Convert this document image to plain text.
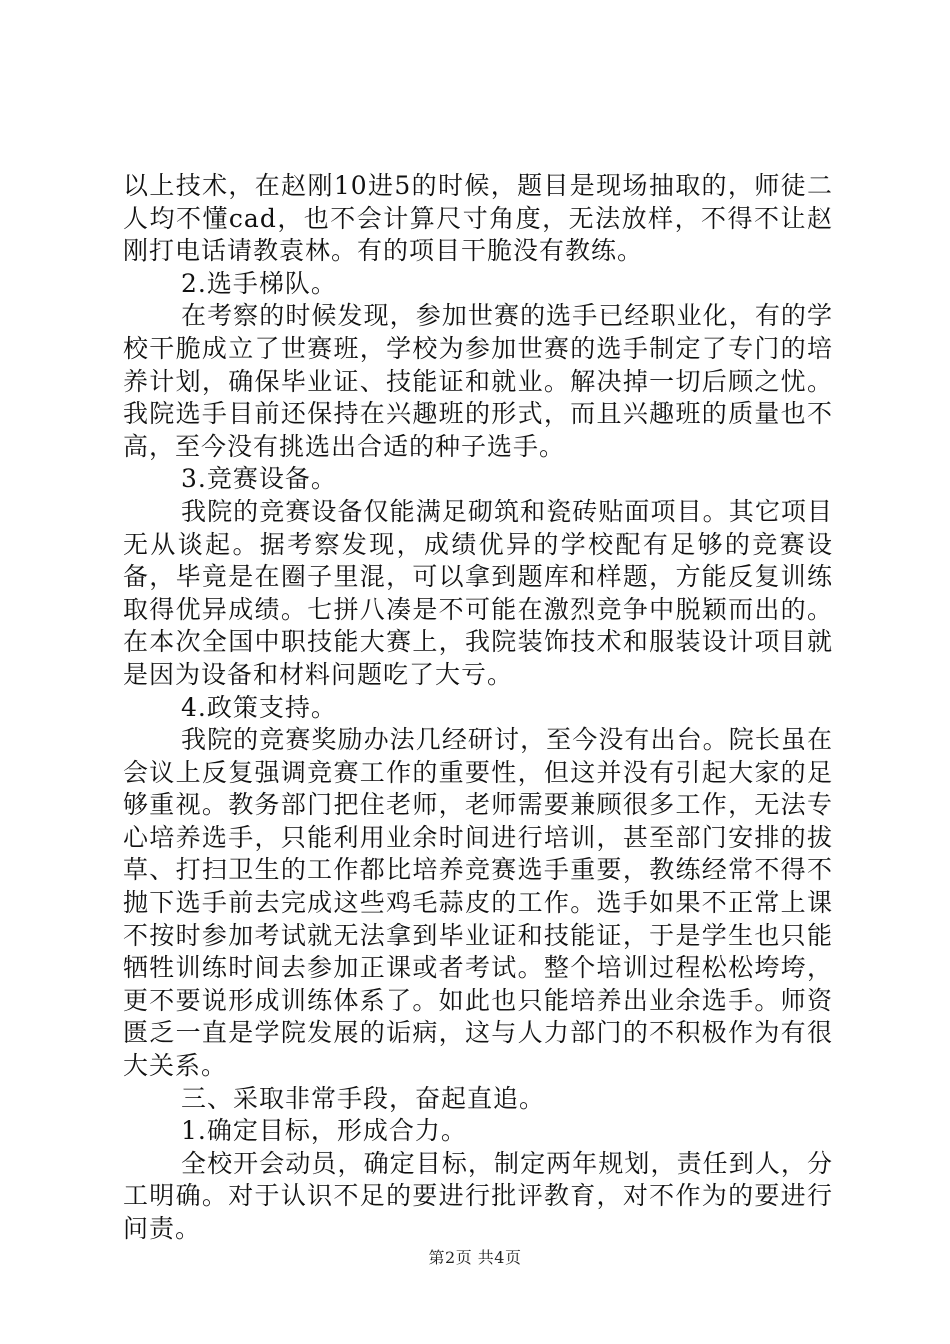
以上技术，在赵刚10进5的时候，题目是现场抽取的，师徒二人均不懂cad，也不会计算尺寸角度，无法放样，不得不让赵刚打电话请教袁林。有的项目干脆没有教练。

2.选手梯队。

在考察的时候发现，参加世赛的选手已经职业化，有的学校干脆成立了世赛班，学校为参加世赛的选手制定了专门的培养计划，确保毕业证、技能证和就业。解决掉一切后顾之忧。我院选手目前还保持在兴趣班的形式，而且兴趣班的质量也不高，至今没有挑选出合适的种子选手。

3.竞赛设备。

我院的竞赛设备仅能满足砌筑和瓷砖贴面项目。其它项目无从谈起。据考察发现，成绩优异的学校配有足够的竞赛设备，毕竟是在圈子里混，可以拿到题库和样题，方能反复训练取得优异成绩。七拼八凑是不可能在激烈竞争中脱颖而出的。在本次全国中职技能大赛上，我院装饰技术和服装设计项目就是因为设备和材料问题吃了大亏。

4.政策支持。

我院的竞赛奖励办法几经研讨，至今没有出台。院长虽在会议上反复强调竞赛工作的重要性，但这并没有引起大家的足够重视。教务部门把住老师，老师需要兼顾很多工作，无法专心培养选手，只能利用业余时间进行培训，甚至部门安排的拔草、打扫卫生的工作都比培养竞赛选手重要，教练经常不得不抛下选手前去完成这些鸡毛蒜皮的工作。选手如果不正常上课不按时参加考试就无法拿到毕业证和技能证，于是学生也只能牺牲训练时间去参加正课或者考试。整个培训过程松松垮垮，更不要说形成训练体系了。如此也只能培养出业余选手。师资匮乏一直是学院发展的诟病，这与人力部门的不积极作为有很大关系。

三、采取非常手段，奋起直追。

1.确定目标，形成合力。

全校开会动员，确定目标，制定两年规划，责任到人，分工明确。对于认识不足的要进行批评教育，对不作为的要进行问责。

第2页 共4页
